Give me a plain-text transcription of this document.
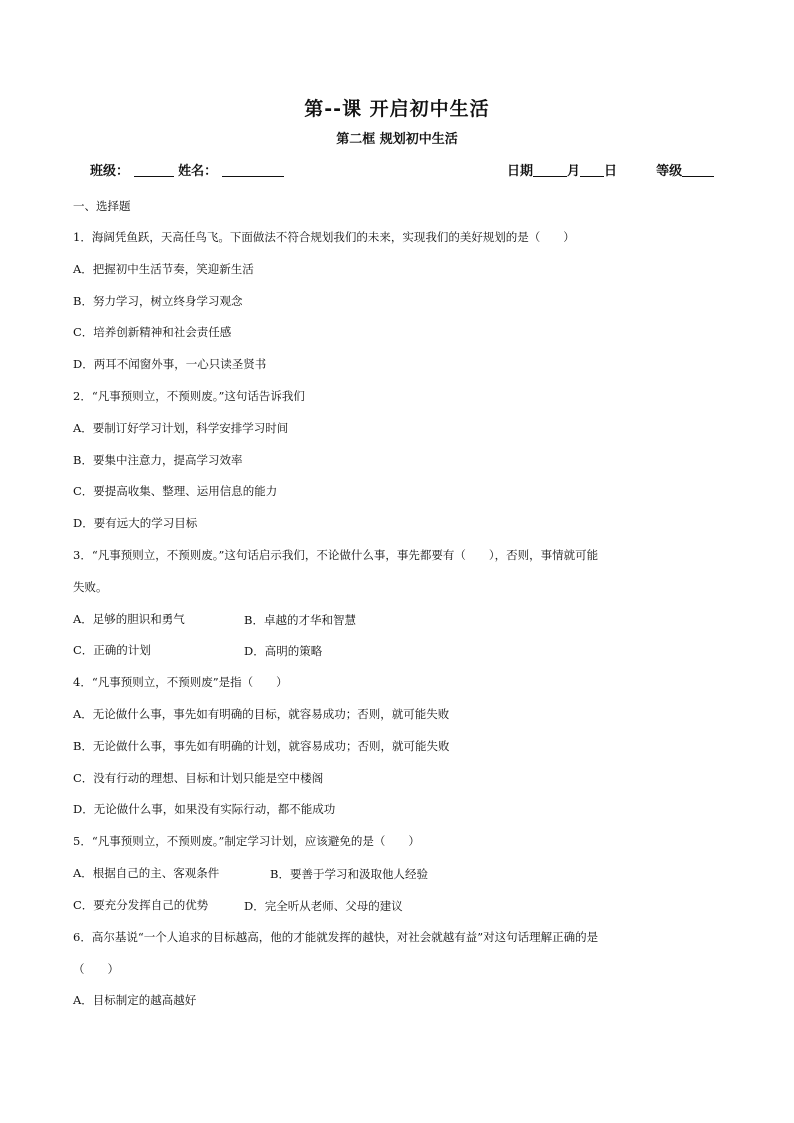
第--课 开启初中生活
第二框 规划初中生活
班级：	姓名：	日期	月 日	等级
一、选择题
1．海阔凭鱼跃，天高任鸟飞。下面做法不符合规划我们的未来，实现我们的美好规划的是（　　）
A．把握初中生活节奏，笑迎新生活
B．努力学习，树立终身学习观念
C．培养创新精神和社会责任感
D．两耳不闻窗外事，一心只读圣贤书
2．“凡事预则立，不预则废。”这句话告诉我们
A．要制订好学习计划，科学安排学习时间
B．要集中注意力，提高学习效率
C．要提高收集、整理、运用信息的能力
D．要有远大的学习目标
3．“凡事预则立，不预则废。”这句话启示我们，不论做什么事，事先都要有（　　），否则，事情就可能
失败。
A．足够的胆识和勇气	B．卓越的才华和智慧
C．正确的计划	D．高明的策略
4．“凡事预则立，不预则废”是指（　　）
A．无论做什么事，事先如有明确的目标，就容易成功；否则，就可能失败
B．无论做什么事，事先如有明确的计划，就容易成功；否则，就可能失败
C．没有行动的理想、目标和计划只能是空中楼阁
D．无论做什么事，如果没有实际行动，都不能成功
5．“凡事预则立，不预则废。”制定学习计划，应该避免的是（　　）
A．根据自己的主、客观条件	B．要善于学习和汲取他人经验
C．要充分发挥自己的优势	D．完全听从老师、父母的建议
6．高尔基说“一个人追求的目标越高，他的才能就发挥的越快，对社会就越有益”对这句话理解正确的是
（　　）
A．目标制定的越高越好
